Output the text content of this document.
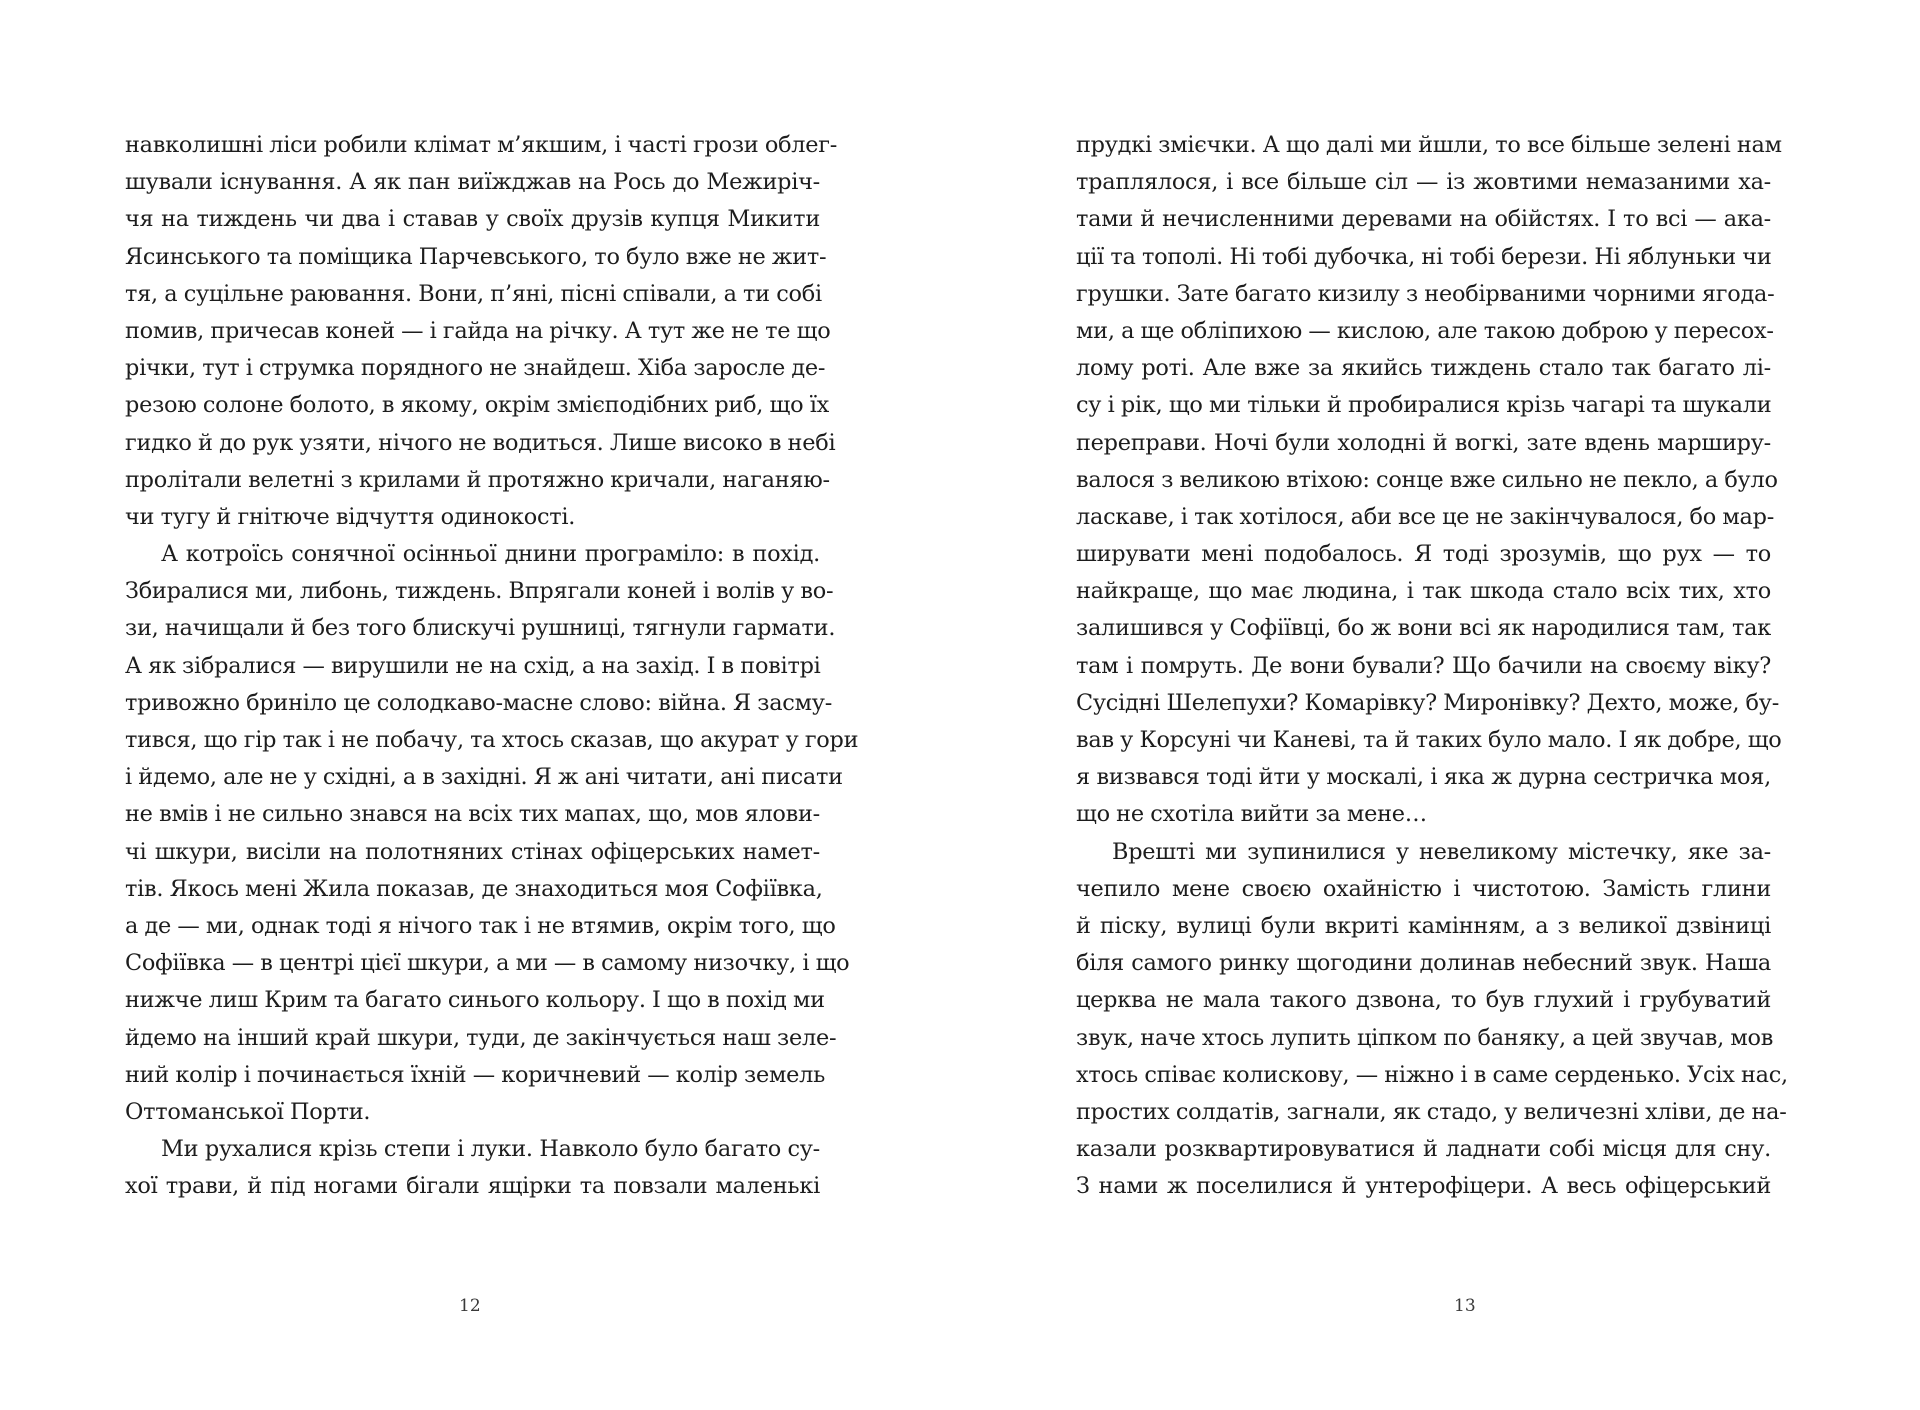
навколишні ліси робили клімат м’якшим, і часті грози облег-
шували існування. А як пан виїжджав на Рось до Межиріч-
чя на тиждень чи два і ставав у своїх друзів купця Микити
Ясинського та поміщика Парчевського, то було вже не жит-
тя, а суцільне раювання. Вони, п’яні, пісні співали, а ти собі
помив, причесав коней — і гайда на річку. А тут же не те що
річки, тут і струмка порядного не знайдеш. Хіба заросле де-
резою солоне болото, в якому, окрім змієподібних риб, що їх
гидко й до рук узяти, нічого не водиться. Лише високо в небі
пролітали велетні з крилами й протяжно кричали, наганяю-
чи тугу й гнітюче відчуття одинокості.
А котроїсь сонячної осінньої днини програміло: в похід.
Збиралися ми, либонь, тиждень. Впрягали коней і волів у во-
зи, начищали й без того блискучі рушниці, тягнули гармати.
А як зібралися — вирушили не на схід, а на захід. І в повітрі
тривожно бриніло це солодкаво-масне слово: війна. Я засму-
тився, що гір так і не побачу, та хтось сказав, що акурат у гори
і йдемо, але не у східні, а в західні. Я ж ані читати, ані писати
не вмів і не сильно знався на всіх тих мапах, що, мов ялови-
чі шкури, висіли на полотняних стінах офіцерських намет-
тів. Якось мені Жила показав, де знаходиться моя Софіївка,
а де — ми, однак тоді я нічого так і не втямив, окрім того, що
Софіївка — в центрі цієї шкури, а ми — в самому низочку, і що
нижче лиш Крим та багато синього кольору. І що в похід ми
йдемо на інший край шкури, туди, де закінчується наш зеле-
ний колір і починається їхній — коричневий — колір земель
Оттоманської Порти.
Ми рухалися крізь степи і луки. Навколо було багато су-
хої трави, й під ногами бігали ящірки та повзали маленькі
12
прудкі змієчки. А що далі ми йшли, то все більше зелені нам
траплялося, і все більше сіл — із жовтими немазаними ха-
тами й нечисленними деревами на обійстях. І то всі — ака-
ції та тополі. Ні тобі дубочка, ні тобі берези. Ні яблуньки чи
грушки. Зате багато кизилу з необірваними чорними ягода-
ми, а ще обліпихою — кислою, але такою доброю у пересох-
лому роті. Але вже за якийсь тиждень стало так багато лі-
су і рік, що ми тільки й пробиралися крізь чагарі та шукали
переправи. Ночі були холодні й вогкі, зате вдень марширу-
валося з великою втіхою: сонце вже сильно не пекло, а було
ласкаве, і так хотілося, аби все це не закінчувалося, бо мар-
ширувати мені подобалось. Я тоді зрозумів, що рух — то
найкраще, що має людина, і так шкода стало всіх тих, хто
залишився у Софіївці, бо ж вони всі як народилися там, так
там і помруть. Де вони бували? Що бачили на своєму віку?
Сусідні Шелепухи? Комарівку? Миронівку? Дехто, може, бу-
вав у Корсуні чи Каневі, та й таких було мало. І як добре, що
я визвався тоді йти у москалі, і яка ж дурна сестричка моя,
що не схотіла вийти за мене…
Врешті ми зупинилися у невеликому містечку, яке за-
чепило мене своєю охайністю і чистотою. Замість глини
й піску, вулиці були вкриті камінням, а з великої дзвіниці
біля самого ринку щогодини долинав небесний звук. Наша
церква не мала такого дзвона, то був глухий і грубуватий
звук, наче хтось лупить ціпком по баняку, а цей звучав, мов
хтось співає колискову, — ніжно і в саме серденько. Усіх нас,
простих солдатів, загнали, як стадо, у величезні хліви, де на-
казали розквартировуватися й ладнати собі місця для сну.
З нами ж поселилися й унтерофіцери. А весь офіцерський
13
